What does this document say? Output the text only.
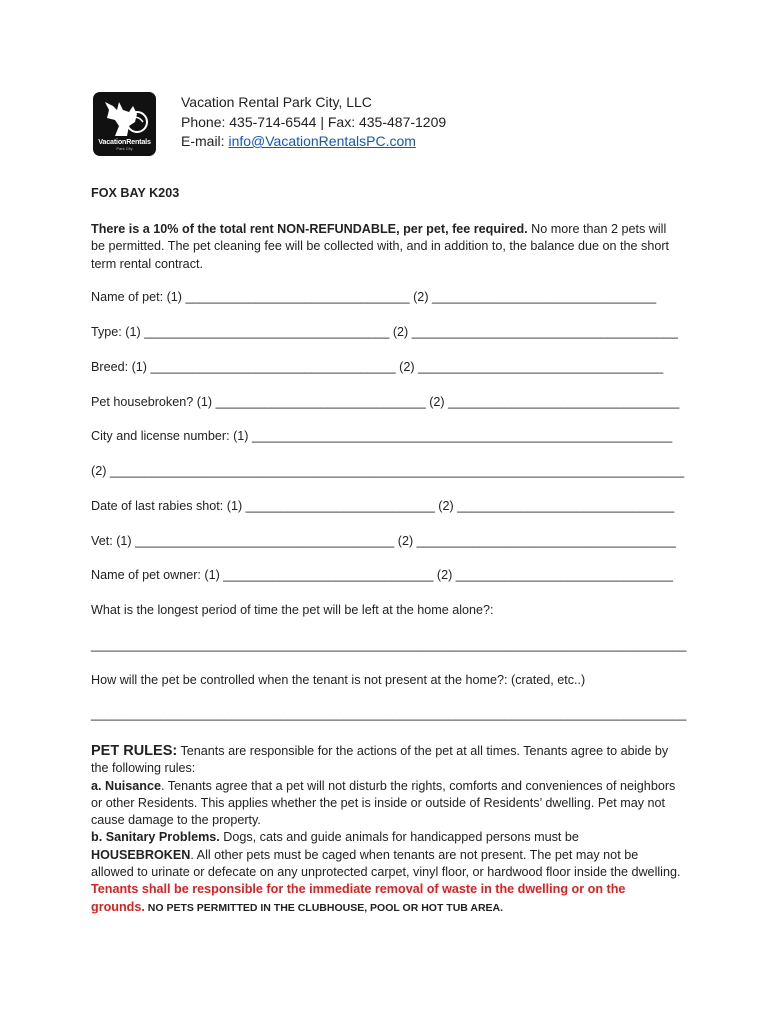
VacationRentals
Park City
Vacation Rental Park City, LLC
Phone: 435-714-6544 | Fax: 435-487-1209
E-mail: info@VacationRentalsPC.com
FOX BAY K203
There is a 10% of the total rent NON-REFUNDABLE, per pet, fee required. No more than 2 pets will be permitted. The pet cleaning fee will be collected with, and in addition to, the balance due on the short term rental contract.
Name of pet: (1) ________________________________ (2) ________________________________
Type: (1) ___________________________________ (2) ______________________________________
Breed: (1) ___________________________________ (2) ___________________________________
Pet housebroken? (1) ______________________________ (2) _________________________________
City and license number: (1) ____________________________________________________________
(2) __________________________________________________________________________________
Date of last rabies shot: (1) ___________________________ (2) _______________________________
Vet: (1) _____________________________________ (2) _____________________________________
Name of pet owner: (1) ______________________________ (2) _______________________________
What is the longest period of time the pet will be left at the home alone?:
_____________________________________________________________________________________
How will the pet be controlled when the tenant is not present at the home?: (crated, etc..)
_____________________________________________________________________________________
PET RULES: Tenants are responsible for the actions of the pet at all times. Tenants agree to abide by the following rules:
a. Nuisance. Tenants agree that a pet will not disturb the rights, comforts and conveniences of neighbors or other Residents. This applies whether the pet is inside or outside of Residents’ dwelling. Pet may not cause damage to the property.
b. Sanitary Problems. Dogs, cats and guide animals for handicapped persons must be HOUSEBROKEN. All other pets must be caged when tenants are not present. The pet may not be allowed to urinate or defecate on any unprotected carpet, vinyl floor, or hardwood floor inside the dwelling. Tenants shall be responsible for the immediate removal of waste in the dwelling or on the grounds. NO PETS PERMITTED IN THE CLUBHOUSE, POOL OR HOT TUB AREA.
